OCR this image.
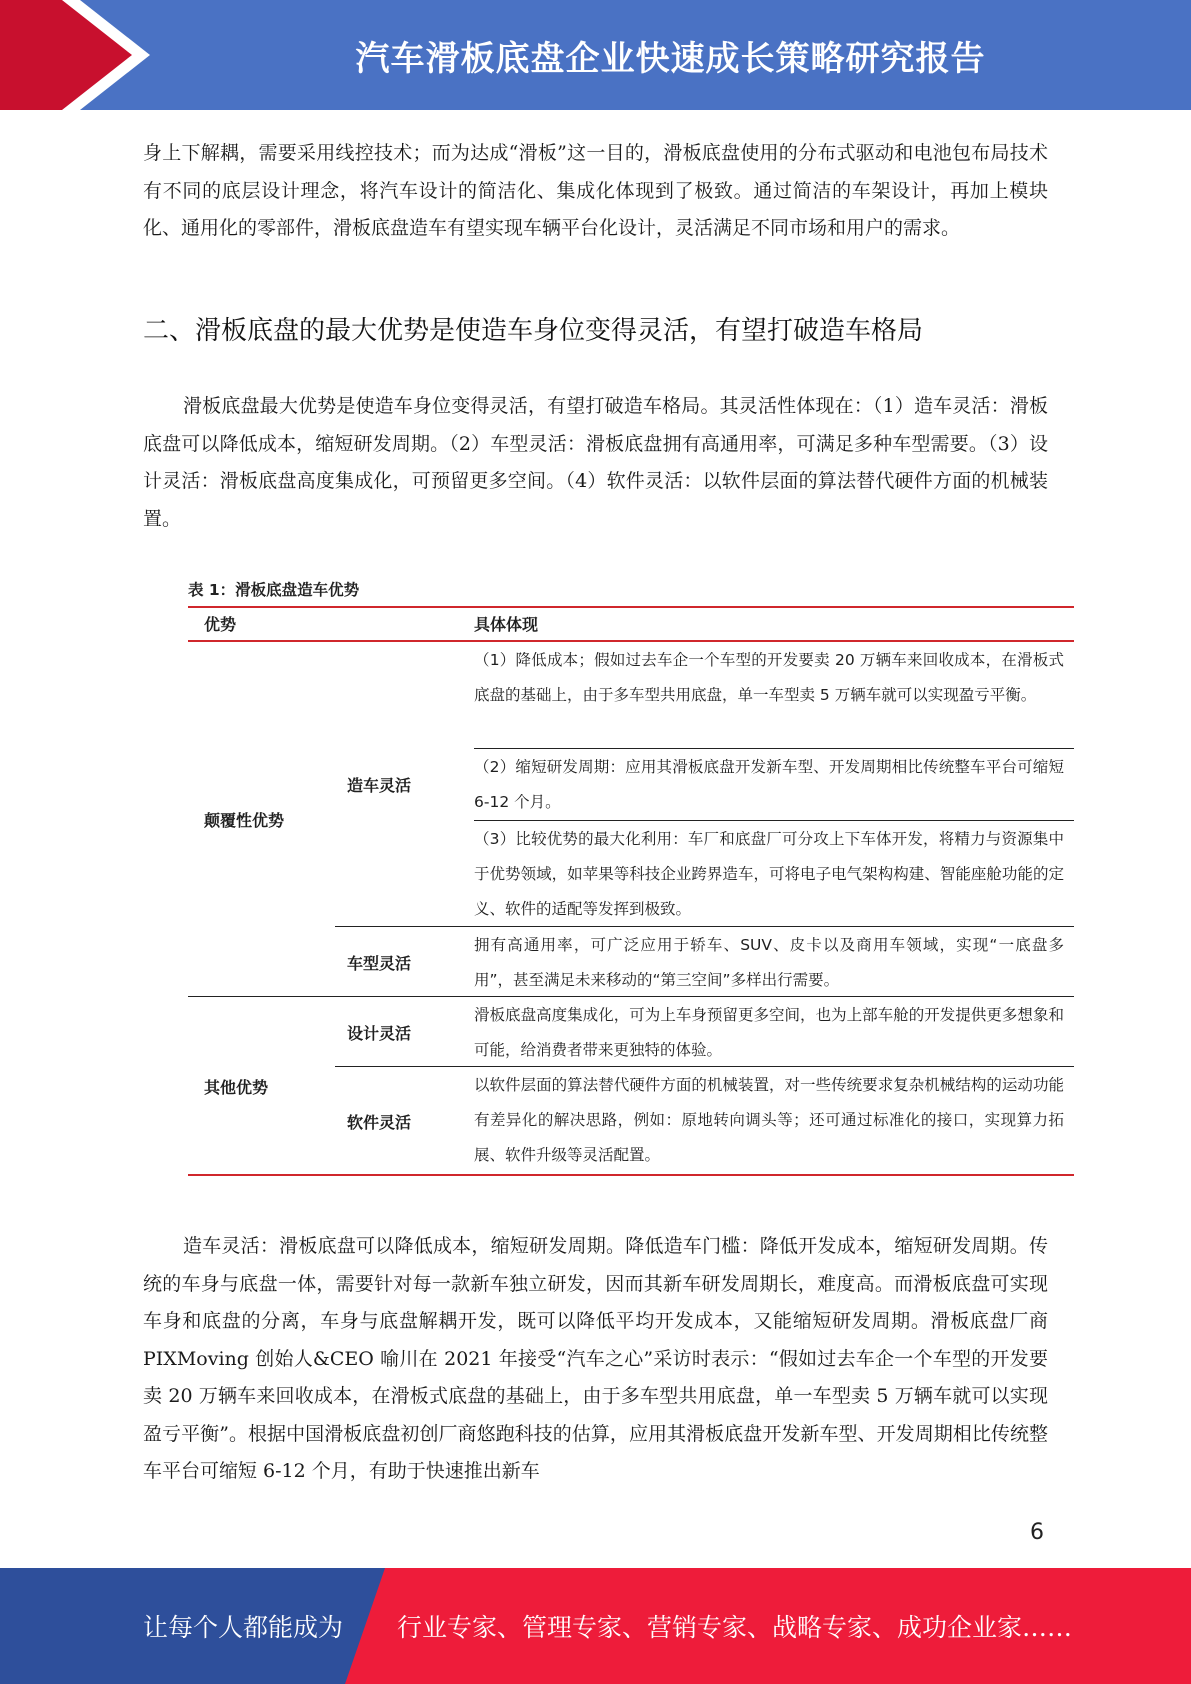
汽车滑板底盘企业快速成长策略研究报告

身上下解耦，需要采用线控技术；而为达成“滑板”这一目的，滑板底盘使用的分布式驱动和电池包布局技术有不同的底层设计理念，将汽车设计的简洁化、集成化体现到了极致。通过简洁的车架设计，再加上模块化、通用化的零部件，滑板底盘造车有望实现车辆平台化设计，灵活满足不同市场和用户的需求。

二、滑板底盘的最大优势是使造车身位变得灵活，有望打破造车格局

滑板底盘最大优势是使造车身位变得灵活，有望打破造车格局。其灵活性体现在：（1）造车灵活：滑板底盘可以降低成本，缩短研发周期。（2）车型灵活：滑板底盘拥有高通用率，可满足多种车型需要。（3）设计灵活：滑板底盘高度集成化，可预留更多空间。（4）软件灵活：以软件层面的算法替代硬件方面的机械装置。

表 1：滑板底盘造车优势
优势	具体体现
颠覆性优势
其他优势
造车灵活
车型灵活
设计灵活
软件灵活
（1）降低成本；假如过去车企一个车型的开发要卖 20 万辆车来回收成本，在滑板式底盘的基础上，由于多车型共用底盘，单一车型卖 5 万辆车就可以实现盈亏平衡。
（2）缩短研发周期：应用其滑板底盘开发新车型、开发周期相比传统整车平台可缩短 6-12 个月。
（3）比较优势的最大化利用：车厂和底盘厂可分攻上下车体开发，将精力与资源集中于优势领域，如苹果等科技企业跨界造车，可将电子电气架构构建、智能座舱功能的定义、软件的适配等发挥到极致。
拥有高通用率，可广泛应用于轿车、SUV、皮卡以及商用车领域，实现“一底盘多用”，甚至满足未来移动的“第三空间”多样出行需要。
滑板底盘高度集成化，可为上车身预留更多空间，也为上部车舱的开发提供更多想象和可能，给消费者带来更独特的体验。
以软件层面的算法替代硬件方面的机械装置，对一些传统要求复杂机械结构的运动功能有差异化的解决思路，例如：原地转向调头等；还可通过标准化的接口，实现算力拓展、软件升级等灵活配置。

造车灵活：滑板底盘可以降低成本，缩短研发周期。降低造车门槛：降低开发成本，缩短研发周期。传统的车身与底盘一体，需要针对每一款新车独立研发，因而其新车研发周期长，难度高。而滑板底盘可实现车身和底盘的分离，车身与底盘解耦开发，既可以降低平均开发成本，又能缩短研发周期。滑板底盘厂商 PIXMoving 创始人&CEO 喻川在 2021 年接受“汽车之心”采访时表示：“假如过去车企一个车型的开发要卖 20 万辆车来回收成本，在滑板式底盘的基础上，由于多车型共用底盘，单一车型卖 5 万辆车就可以实现盈亏平衡”。根据中国滑板底盘初创厂商悠跑科技的估算，应用其滑板底盘开发新车型、开发周期相比传统整车平台可缩短 6-12 个月，有助于快速推出新车

6
让每个人都能成为 行业专家、管理专家、营销专家、战略专家、成功企业家……
